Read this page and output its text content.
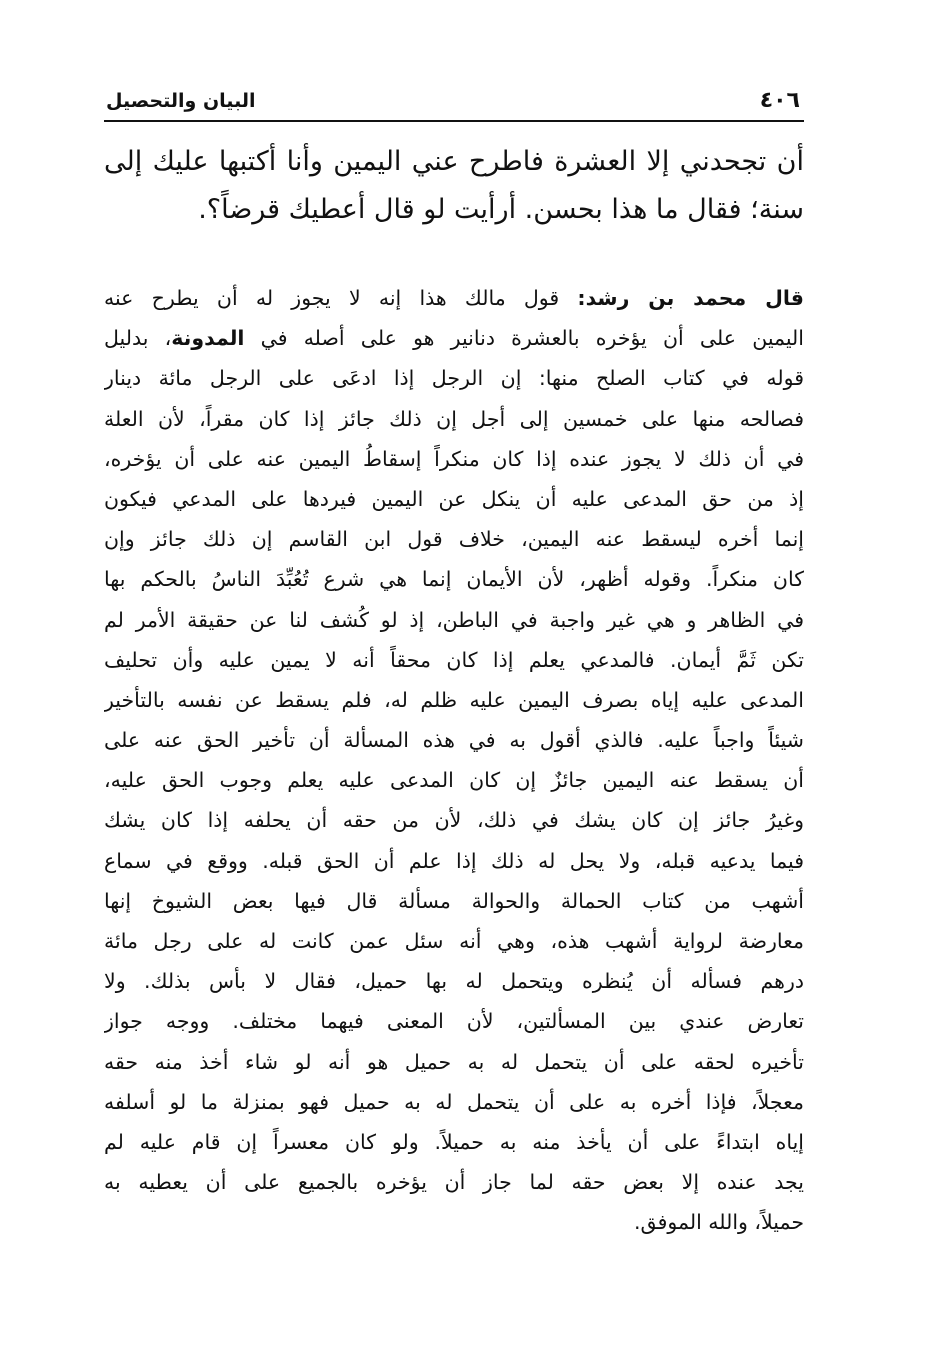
٤٠٦
البيان والتحصيل

أن تجحدني إلا العشرة فاطرح عني اليمين وأنا أكتبها عليك إلى سنة؛ فقال ما هذا بحسن. أرأيت لو قال أعطيك قرضاً؟.

قال محمد بن رشد: قول مالك هذا إنه لا يجوز له أن يطرح عنه
اليمين على أن يؤخره بالعشرة دنانير هو على أصله في المدونة، بدليل
قوله في كتاب الصلح منها: إن الرجل إذا ادعَى على الرجل مائة دينار
فصالحه منها على خمسين إلى أجل إن ذلك جائز إذا كان مقراً، لأن العلة
في أن ذلك لا يجوز عنده إذا كان منكراً إسقاطُ اليمين عنه على أن يؤخره،
إذ من حق المدعى عليه أن ينكل عن اليمين فيردها على المدعي فيكون
إنما أخره ليسقط عنه اليمين، خلاف قول ابن القاسم إن ذلك جائز وإن
كان منكراً. وقوله أظهر، لأن الأيمان إنما هي شرع تُعُبِّدَ الناسُ بالحكم بها
في الظاهر و هي غير واجبة في الباطن، إذ لو كُشف لنا عن حقيقة الأمر لم
تكن ثَمَّ أيمان. فالمدعي يعلم إذا كان محقاً أنه لا يمين عليه وأن تحليف
المدعى عليه إياه بصرف اليمين عليه ظلم له، فلم يسقط عن نفسه بالتأخير
شيئاً واجباً عليه. فالذي أقول به في هذه المسألة أن تأخير الحق عنه على
أن يسقط عنه اليمين جائزٌ إن كان المدعى عليه يعلم وجوب الحق عليه،
وغيرُ جائز إن كان يشك في ذلك، لأن من حقه أن يحلفه إذا كان يشك
فيما يدعيه قبله، ولا يحل له ذلك إذا علم أن الحق قبله. ووقع في سماع
أشهب من كتاب الحمالة والحوالة مسألة قال فيها بعض الشيوخ إنها
معارضة لرواية أشهب هذه، وهي أنه سئل عمن كانت له على رجل مائة
درهم فسأله أن يُنظره ويتحمل له بها حميل، فقال لا بأس بذلك. ولا
تعارض عندي بين المسألتين، لأن المعنى فيهما مختلف. ووجه جواز
تأخيره لحقه على أن يتحمل له به حميل هو أنه لو شاء أخذ منه حقه
معجلاً، فإذا أخره به على أن يتحمل له به حميل فهو بمنزلة ما لو أسلفه
إياه ابتداءً على أن يأخذ منه به حميلاً. ولو كان معسراً إن قام عليه لم
يجد عنده إلا بعض حقه لما جاز أن يؤخره بالجميع على أن يعطيه به
حميلاً، والله الموفق.
